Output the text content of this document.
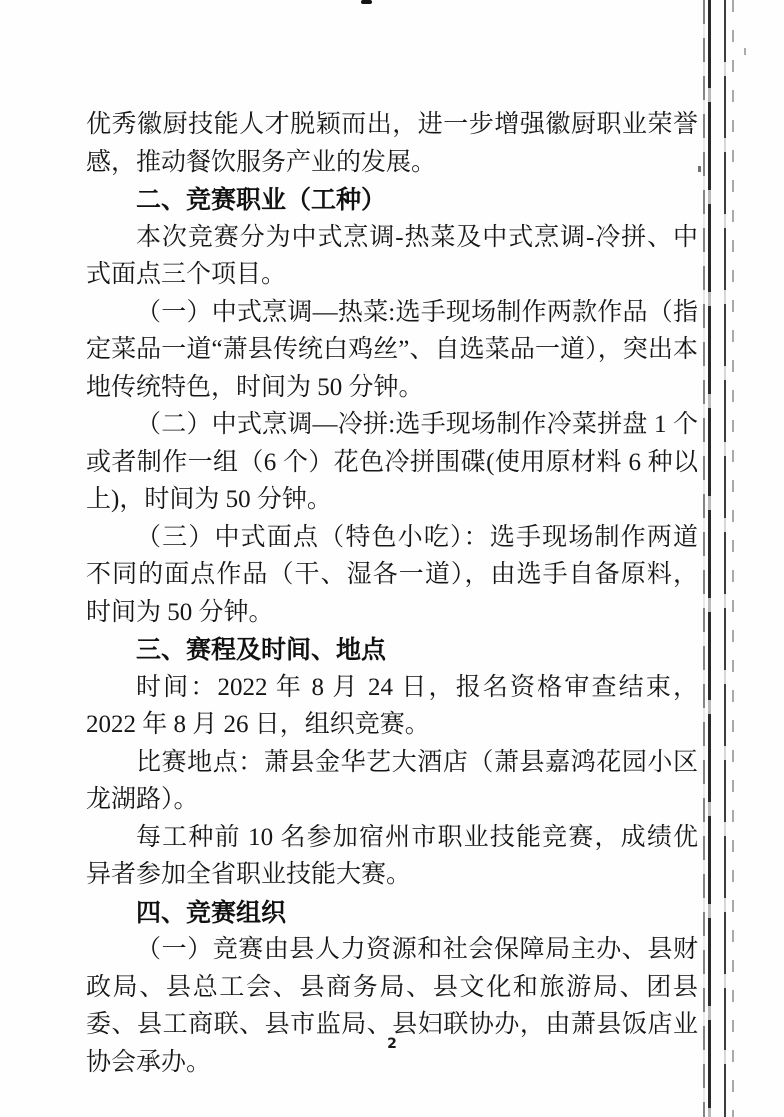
优秀徽厨技能人才脱颖而出，进一步增强徽厨职业荣誉感，推动餐饮服务产业的发展。

二、竞赛职业（工种）

本次竞赛分为中式烹调-热菜及中式烹调-冷拼、中式面点三个项目。

（一）中式烹调—热菜:选手现场制作两款作品（指定菜品一道“萧县传统白鸡丝”、自选菜品一道），突出本地传统特色，时间为 50 分钟。

（二）中式烹调—冷拼:选手现场制作冷菜拼盘 1 个或者制作一组（6 个）花色冷拼围碟(使用原材料 6 种以上)，时间为 50 分钟。

（三）中式面点（特色小吃）：选手现场制作两道不同的面点作品（干、湿各一道），由选手自备原料，时间为 50 分钟。

三、赛程及时间、地点

时间：2022 年 8 月 24 日，报名资格审查结束，2022 年 8 月 26 日，组织竞赛。

比赛地点：萧县金华艺大酒店（萧县嘉鸿花园小区龙湖路）。

每工种前 10 名参加宿州市职业技能竞赛，成绩优异者参加全省职业技能大赛。

四、竞赛组织

（一）竞赛由县人力资源和社会保障局主办、县财政局、县总工会、县商务局、县文化和旅游局、团县委、县工商联、县市监局、县妇联协办，由萧县饭店业协会承办。

2
